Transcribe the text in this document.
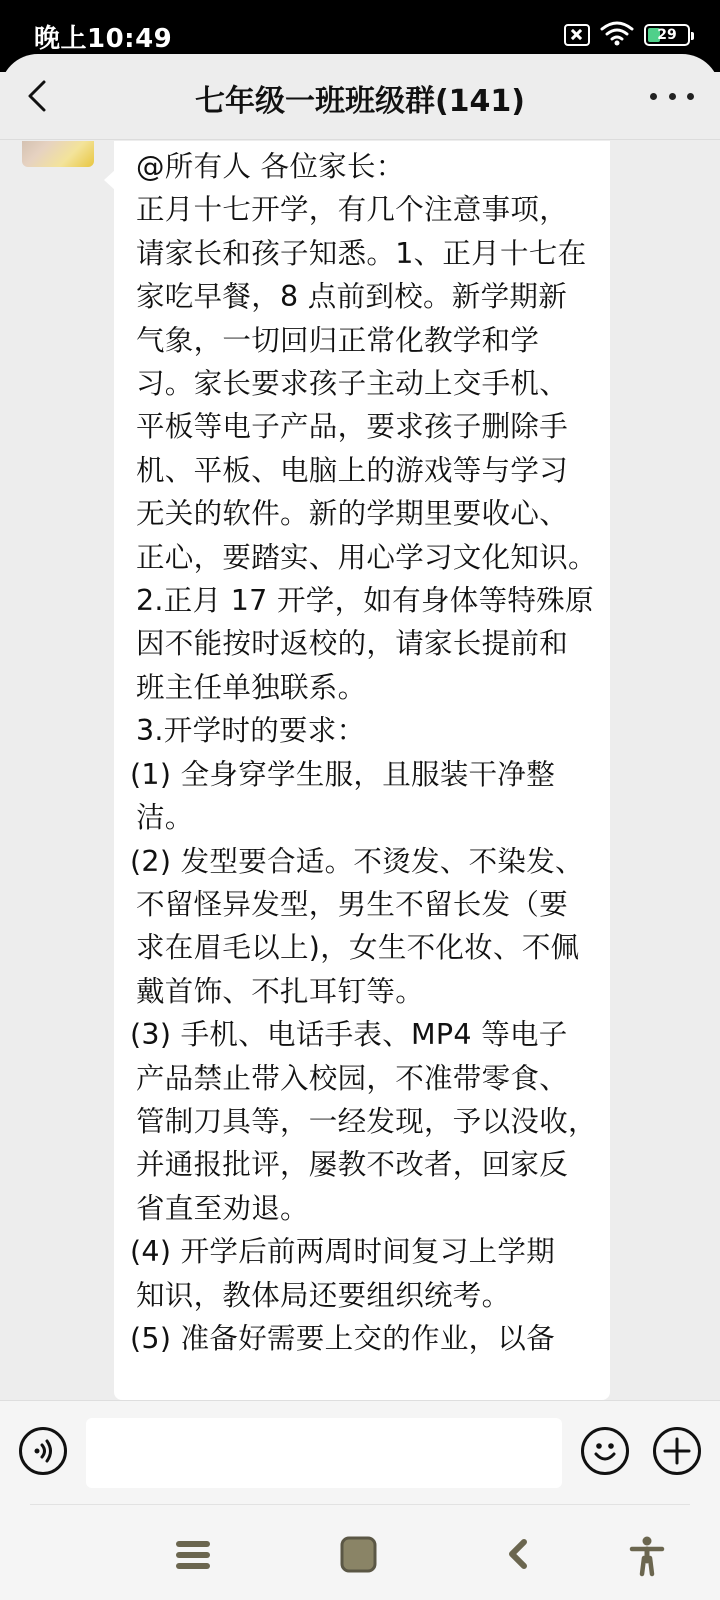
晚上10:49	29
七年级一班班级群(141)
@所有人 各位家长：
正月十七开学，有几个注意事项，
请家长和孩子知悉。1、正月十七在
家吃早餐，8 点前到校。新学期新
气象，一切回归正常化教学和学
习。家长要求孩子主动上交手机、
平板等电子产品，要求孩子删除手
机、平板、电脑上的游戏等与学习
无关的软件。新的学期里要收心、
正心，要踏实、用心学习文化知识。
2.正月 17 开学，如有身体等特殊原
因不能按时返校的，请家长提前和
班主任单独联系。
3.开学时的要求：
(1) 全身穿学生服，且服装干净整
洁。
(2) 发型要合适。不烫发、不染发、
不留怪异发型，男生不留长发（要
求在眉毛以上)，女生不化妆、不佩
戴首饰、不扎耳钉等。
(3) 手机、电话手表、MP4 等电子
产品禁止带入校园，不准带零食、
管制刀具等，一经发现，予以没收，
并通报批评，屡教不改者，回家反
省直至劝退。
(4) 开学后前两周时间复习上学期
知识，教体局还要组织统考。
(5) 准备好需要上交的作业，以备
